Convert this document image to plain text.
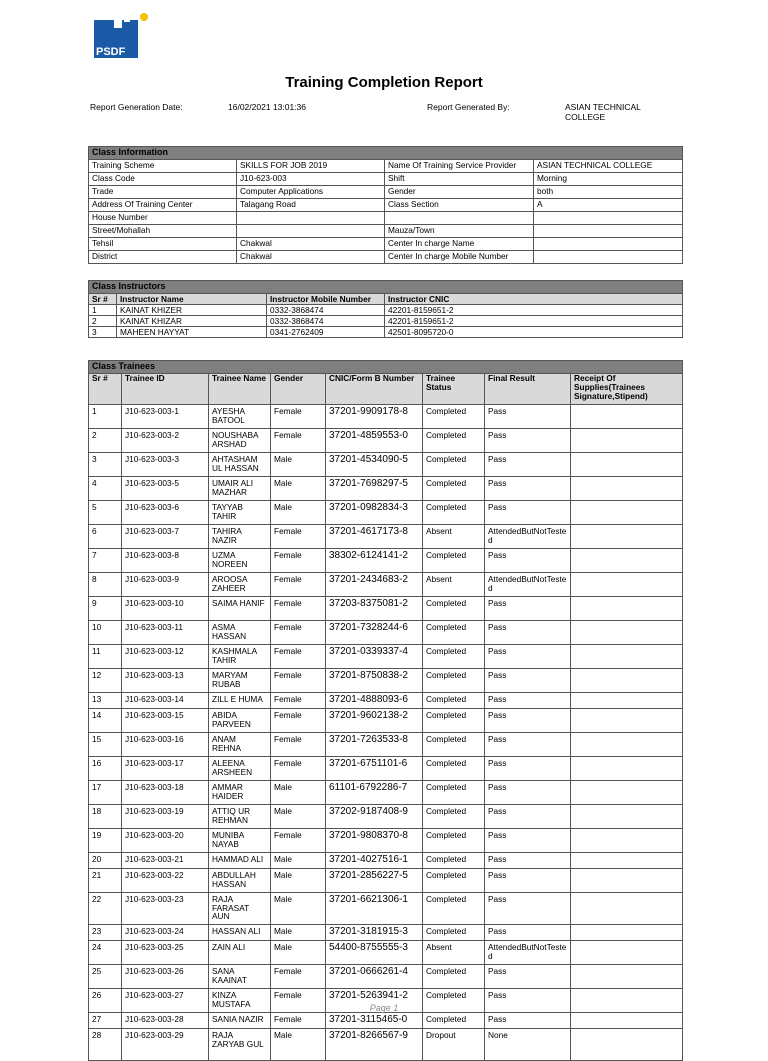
PSDF
Training Completion Report
Report Generation Date:	16/02/2021 13:01:36	Report Generated By:	ASIAN TECHNICAL
COLLEGE
Class Information			
Training Scheme	SKILLS FOR JOB 2019	Name Of Training Service Provider	ASIAN TECHNICAL COLLEGE
Class Code	J10-623-003	Shift	Morning
Trade	Computer Applications	Gender	both
Address Of Training Center	Talagang Road	Class Section	A
House Number			
Street/Mohallah		Mauza/Town	
Tehsil	Chakwal	Center In charge Name	
District	Chakwal	Center In charge Mobile Number	
Class Instructors			
Sr #	Instructor Name	Instructor Mobile Number	Instructor CNIC
1	KAINAT KHIZER	0332-3868474	42201-8159651-2
2	KAINAT KHIZAR	0332-3868474	42201-8159651-2
3	MAHEEN HAYYAT	0341-2762409	42501-8095720-0
Class Trainees							
Sr #	Trainee ID	Trainee Name	Gender	CNIC/Form B Number	Trainee Status	Final Result	Receipt Of Supplies(Trainees Signature,Stipend)
1	J10-623-003-1	AYESHA BATOOL	Female	37201-9909178-8	Completed	Pass	
2	J10-623-003-2	NOUSHABA ARSHAD	Female	37201-4859553-0	Completed	Pass	
3	J10-623-003-3	AHTASHAM UL HASSAN	Male	37201-4534090-5	Completed	Pass	
4	J10-623-003-5	UMAIR ALI MAZHAR	Male	37201-7698297-5	Completed	Pass	
5	J10-623-003-6	TAYYAB TAHIR	Male	37201-0982834-3	Completed	Pass	
6	J10-623-003-7	TAHIRA NAZIR	Female	37201-4617173-8	Absent	AttendedButNotTested	
7	J10-623-003-8	UZMA NOREEN	Female	38302-6124141-2	Completed	Pass	
8	J10-623-003-9	AROOSA ZAHEER	Female	37201-2434683-2	Absent	AttendedButNotTested	
9	J10-623-003-10	SAIMA HANIF	Female	37203-8375081-2	Completed	Pass	
10	J10-623-003-11	ASMA HASSAN	Female	37201-7328244-6	Completed	Pass	
11	J10-623-003-12	KASHMALA TAHIR	Female	37201-0339337-4	Completed	Pass	
12	J10-623-003-13	MARYAM RUBAB	Female	37201-8750838-2	Completed	Pass	
13	J10-623-003-14	ZILL E HUMA	Female	37201-4888093-6	Completed	Pass	
14	J10-623-003-15	ABIDA PARVEEN	Female	37201-9602138-2	Completed	Pass	
15	J10-623-003-16	ANAM REHNA	Female	37201-7263533-8	Completed	Pass	
16	J10-623-003-17	ALEENA ARSHEEN	Female	37201-6751101-6	Completed	Pass	
17	J10-623-003-18	AMMAR HAIDER	Male	61101-6792286-7	Completed	Pass	
18	J10-623-003-19	ATTIQ UR REHMAN	Male	37202-9187408-9	Completed	Pass	
19	J10-623-003-20	MUNIBA NAYAB	Female	37201-9808370-8	Completed	Pass	
20	J10-623-003-21	HAMMAD ALI	Male	37201-4027516-1	Completed	Pass	
21	J10-623-003-22	ABDULLAH HASSAN	Male	37201-2856227-5	Completed	Pass	
22	J10-623-003-23	RAJA FARASAT AUN	Male	37201-6621306-1	Completed	Pass	
23	J10-623-003-24	HASSAN ALI	Male	37201-3181915-3	Completed	Pass	
24	J10-623-003-25	ZAIN ALI	Male	54400-8755555-3	Absent	AttendedButNotTested	
25	J10-623-003-26	SANA KAAINAT	Female	37201-0666261-4	Completed	Pass	
26	J10-623-003-27	KINZA MUSTAFA	Female	37201-5263941-2	Completed	Pass	
27	J10-623-003-28	SANIA NAZIR	Female	37201-3115465-0	Completed	Pass	
28	J10-623-003-29	RAJA ZARYAB GUL	Male	37201-8266567-9	Dropout	None	
Page 1
